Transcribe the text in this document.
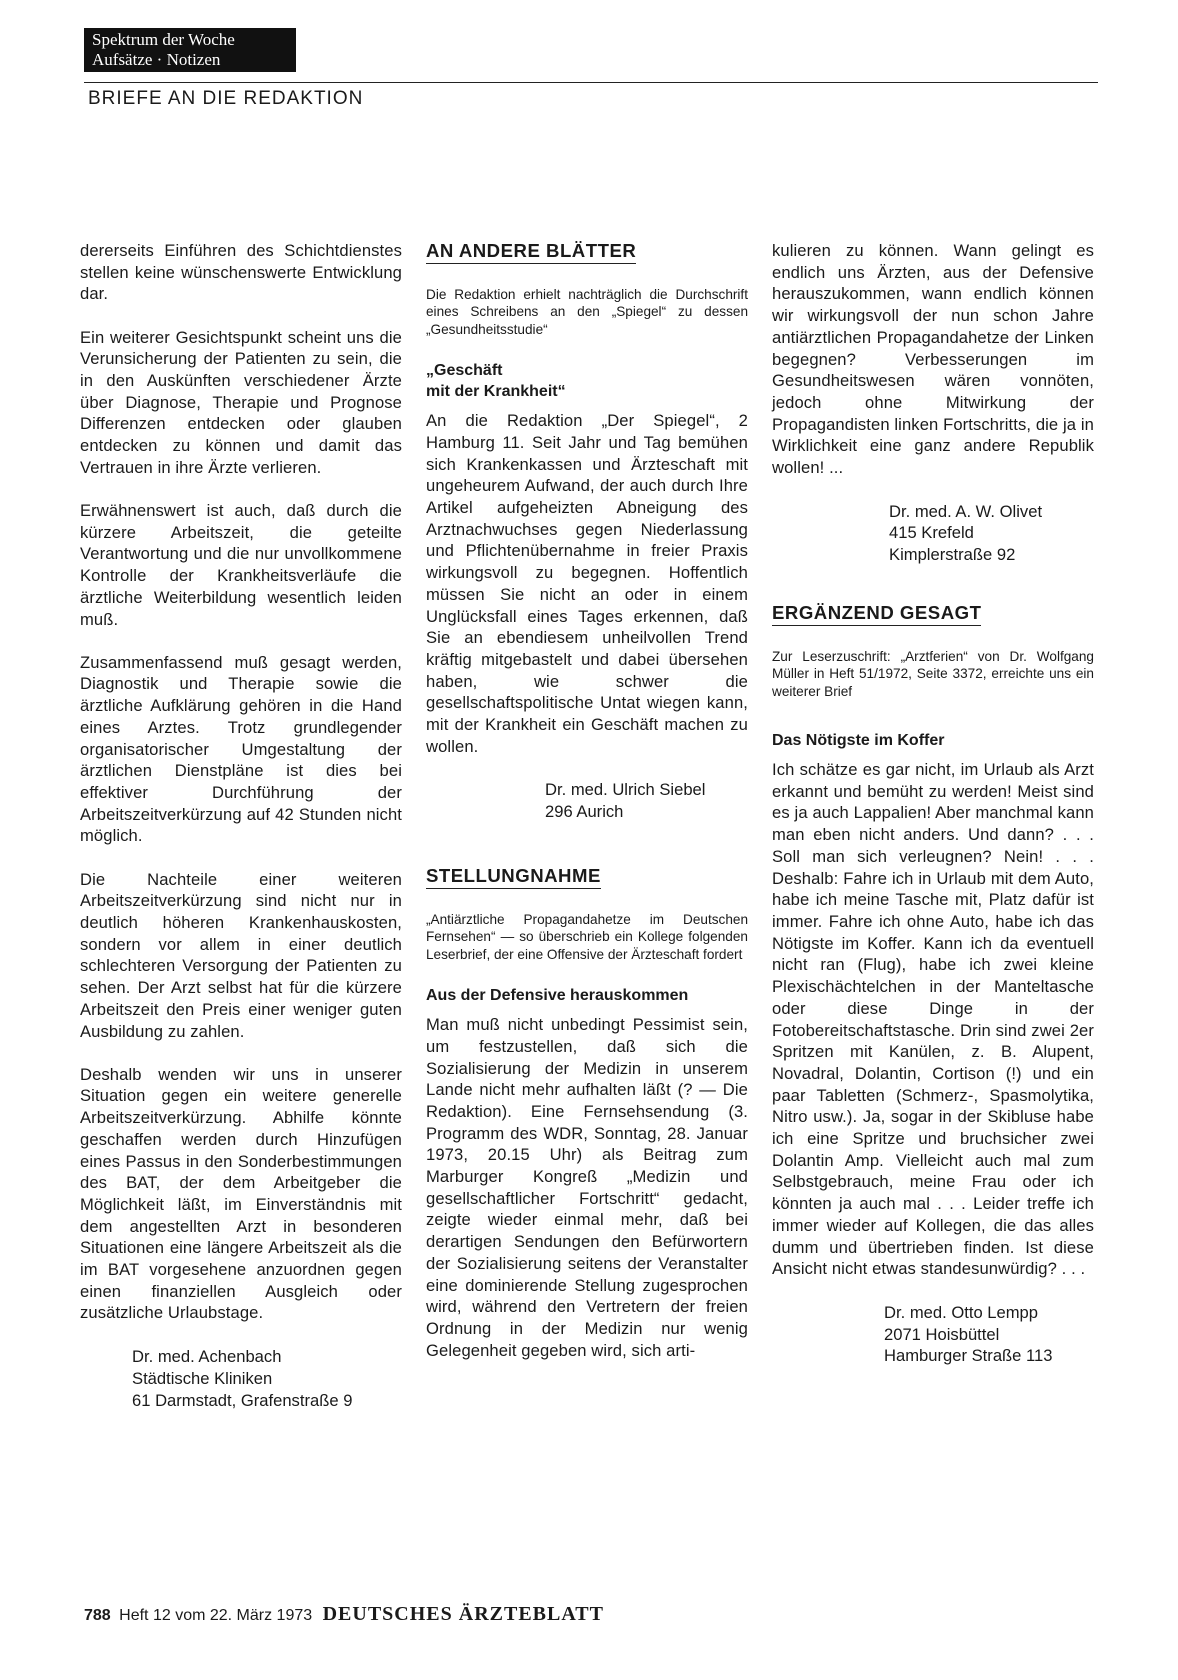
Spektrum der Woche
Aufsätze · Notizen
BRIEFE AN DIE REDAKTION

dererseits Einführen des Schichtdienstes stellen keine wünschenswerte Entwicklung dar.

Ein weiterer Gesichtspunkt scheint uns die Verunsicherung der Patienten zu sein, die in den Auskünften verschiedener Ärzte über Diagnose, Therapie und Prognose Differenzen entdecken oder glauben entdecken zu können und damit das Vertrauen in ihre Ärzte verlieren.

Erwähnenswert ist auch, daß durch die kürzere Arbeitszeit, die geteilte Verantwortung und die nur unvollkommene Kontrolle der Krankheitsverläufe die ärztliche Weiterbildung wesentlich leiden muß.

Zusammenfassend muß gesagt werden, Diagnostik und Therapie sowie die ärztliche Aufklärung gehören in die Hand eines Arztes. Trotz grundlegender organisatorischer Umgestaltung der ärztlichen Dienstpläne ist dies bei effektiver Durchführung der Arbeitszeitverkürzung auf 42 Stunden nicht möglich.

Die Nachteile einer weiteren Arbeitszeitverkürzung sind nicht nur in deutlich höheren Krankenhauskosten, sondern vor allem in einer deutlich schlechteren Versorgung der Patienten zu sehen. Der Arzt selbst hat für die kürzere Arbeitszeit den Preis einer weniger guten Ausbildung zu zahlen.

Deshalb wenden wir uns in unserer Situation gegen ein weitere generelle Arbeitszeitverkürzung. Abhilfe könnte geschaffen werden durch Hinzufügen eines Passus in den Sonderbestimmungen des BAT, der dem Arbeitgeber die Möglichkeit läßt, im Einverständnis mit dem angestellten Arzt in besonderen Situationen eine längere Arbeitszeit als die im BAT vorgesehene anzuordnen gegen einen finanziellen Ausgleich oder zusätzliche Urlaubstage.

Dr. med. Achenbach
Städtische Kliniken
61 Darmstadt, Grafenstraße 9
AN ANDERE BLÄTTER

Die Redaktion erhielt nachträglich die Durchschrift eines Schreibens an den „Spiegel“ zu dessen „Gesundheitsstudie“

„Geschäft
mit der Krankheit“

An die Redaktion „Der Spiegel“, 2 Hamburg 11. Seit Jahr und Tag bemühen sich Krankenkassen und Ärzteschaft mit ungeheurem Aufwand, der auch durch Ihre Artikel aufgeheizten Abneigung des Arztnachwuchses gegen Niederlassung und Pflichtenübernahme in freier Praxis wirkungsvoll zu begegnen. Hoffentlich müssen Sie nicht an oder in einem Unglücksfall eines Tages erkennen, daß Sie an ebendiesem unheilvollen Trend kräftig mitgebastelt und dabei übersehen haben, wie schwer die gesellschaftspolitische Untat wiegen kann, mit der Krankheit ein Geschäft machen zu wollen.

Dr. med. Ulrich Siebel
296 Aurich
STELLUNGNAHME

„Antiärztliche Propagandahetze im Deutschen Fernsehen“ — so überschrieb ein Kollege folgenden Leserbrief, der eine Offensive der Ärzteschaft fordert

Aus der Defensive herauskommen

Man muß nicht unbedingt Pessimist sein, um festzustellen, daß sich die Sozialisierung der Medizin in unserem Lande nicht mehr aufhalten läßt (? — Die Redaktion). Eine Fernsehsendung (3. Programm des WDR, Sonntag, 28. Januar 1973, 20.15 Uhr) als Beitrag zum Marburger Kongreß „Medizin und gesellschaftlicher Fortschritt“ gedacht, zeigte wieder einmal mehr, daß bei derartigen Sendungen den Befürwortern der Sozialisierung seitens der Veranstalter eine dominierende Stellung zugesprochen wird, während den Vertretern der freien Ordnung in der Medizin nur wenig Gelegenheit gegeben wird, sich arti-

kulieren zu können. Wann gelingt es endlich uns Ärzten, aus der Defensive herauszukommen, wann endlich können wir wirkungsvoll der nun schon Jahre antiärztlichen Propagandahetze der Linken begegnen? Verbesserungen im Gesundheitswesen wären vonnöten, jedoch ohne Mitwirkung der Propagandisten linken Fortschritts, die ja in Wirklichkeit eine ganz andere Republik wollen! ...

Dr. med. A. W. Olivet
415 Krefeld
Kimplerstraße 92
ERGÄNZEND GESAGT

Zur Leserzuschrift: „Arztferien“ von Dr. Wolfgang Müller in Heft 51/1972, Seite 3372, erreichte uns ein weiterer Brief

Das Nötigste im Koffer

Ich schätze es gar nicht, im Urlaub als Arzt erkannt und bemüht zu werden! Meist sind es ja auch Lappalien! Aber manchmal kann man eben nicht anders. Und dann? . . . Soll man sich verleugnen? Nein! . . . Deshalb: Fahre ich in Urlaub mit dem Auto, habe ich meine Tasche mit, Platz dafür ist immer. Fahre ich ohne Auto, habe ich das Nötigste im Koffer. Kann ich da eventuell nicht ran (Flug), habe ich zwei kleine Plexischächtelchen in der Manteltasche oder diese Dinge in der Fotobereitschaftstasche. Drin sind zwei 2er Spritzen mit Kanülen, z. B. Alupent, Novadral, Dolantin, Cortison (!) und ein paar Tabletten (Schmerz-, Spasmolytika, Nitro usw.). Ja, sogar in der Skibluse habe ich eine Spritze und bruchsicher zwei Dolantin Amp. Vielleicht auch mal zum Selbstgebrauch, meine Frau oder ich könnten ja auch mal . . . Leider treffe ich immer wieder auf Kollegen, die das alles dumm und übertrieben finden. Ist diese Ansicht nicht etwas standesunwürdig? . . .

Dr. med. Otto Lempp
2071 Hoisbüttel
Hamburger Straße 113
788 Heft 12 vom 22. März 1973 DEUTSCHES ÄRZTEBLATT
